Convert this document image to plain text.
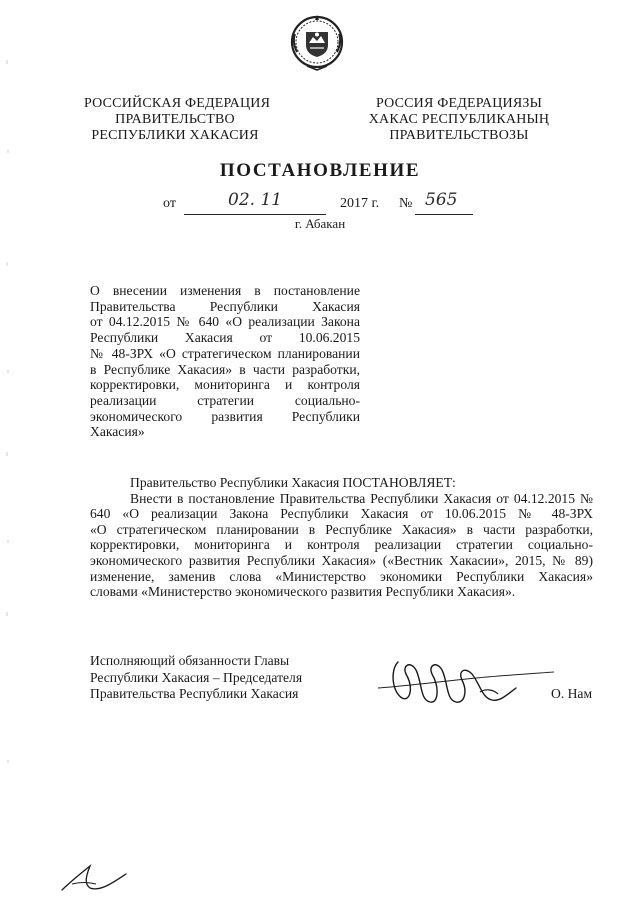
РОССИЙСКАЯ ФЕДЕРАЦИЯ
ПРАВИТЕЛЬСТВО
РЕСПУБЛИКИ ХАКАСИЯ
РОССИЯ ФЕДЕРАЦИЯЗЫ
ХАКАС РЕСПУБЛИКАНЫҢ
ПРАВИТЕЛЬСТВОЗЫ
ПОСТАНОВЛЕНИЕ
от	02. 11	2017 г. № 565
г. Абакан
О внесении изменения в постановление
Правительства Республики Хакасия
от 04.12.2015 № 640 «О реализации Закона
Республики Хакасия от 10.06.2015
№ 48-ЗРХ «О стратегическом планировании
в Республике Хакасия» в части разработки,
корректировки, мониторинга и контроля
реализации стратегии социально-
экономического развития Республики
Хакасия»
Правительство Республики Хакасия ПОСТАНОВЛЯЕТ:
Внести в постановление Правительства Республики Хакасия от 04.12.2015 №
640 «О реализации Закона Республики Хакасия от 10.06.2015 № 48-ЗРХ
«О стратегическом планировании в Республике Хакасия» в части разработки,
корректировки, мониторинга и контроля реализации стратегии социально-
экономического развития Республики Хакасия» («Вестник Хакасии», 2015, № 89)
изменение, заменив слова «Министерство экономики Республики Хакасия»
словами «Министерство экономического развития Республики Хакасия».
Исполняющий обязанности Главы
Республики Хакасия – Председателя
Правительства Республики Хакасия	О. Нам
